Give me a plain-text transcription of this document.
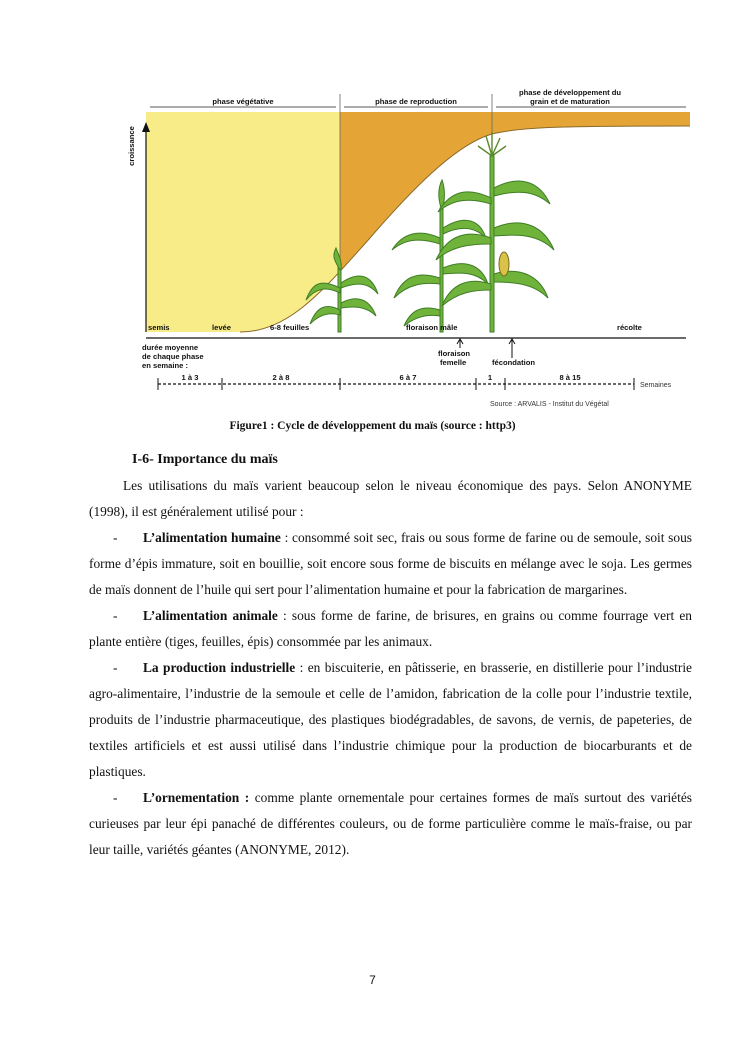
phase végétative	phase de reproduction
phase de développement du
grain et de maturation
croissance
semis	levée	6-8 feuilles	floraison mâle	récolte
durée moyenne
de chaque phase
en semaine :
floraison
femelle	fécondation
1 à 3	2 à 8	6 à 7	1	8 à 15
Semaines
Source : ARVALIS - Institut du Végétal
Figure1 : Cycle de développement du maïs (source : http3)
I-6- Importance du maïs

Les utilisations du maïs varient beaucoup selon le niveau économique des pays. Selon ANONYME (1998), il est généralement utilisé pour :

- L’alimentation humaine : consommé soit sec, frais ou sous forme de farine ou de semoule, soit sous forme d’épis immature, soit en bouillie, soit encore sous forme de biscuits en mélange avec le soja. Les germes de maïs donnent de l’huile qui sert pour l’alimentation humaine et pour la fabrication de margarines.

- L’alimentation animale : sous forme de farine, de brisures, en grains ou comme fourrage vert en plante entière (tiges, feuilles, épis) consommée par les animaux.

- La production industrielle : en biscuiterie, en pâtisserie, en brasserie, en distillerie pour l’industrie agro-alimentaire, l’industrie de la semoule et celle de l’amidon, fabrication de la colle pour l’industrie textile, produits de l’industrie pharmaceutique, des plastiques biodégradables, de savons, de vernis, de papeteries, de textiles artificiels et est aussi utilisé dans l’industrie chimique pour la production de biocarburants et de plastiques.

- L’ornementation : comme plante ornementale pour certaines formes de maïs surtout des variétés curieuses par leur épi panaché de différentes couleurs, ou de forme particulière comme le maïs-fraise, ou par leur taille, variétés géantes (ANONYME, 2012).

7
